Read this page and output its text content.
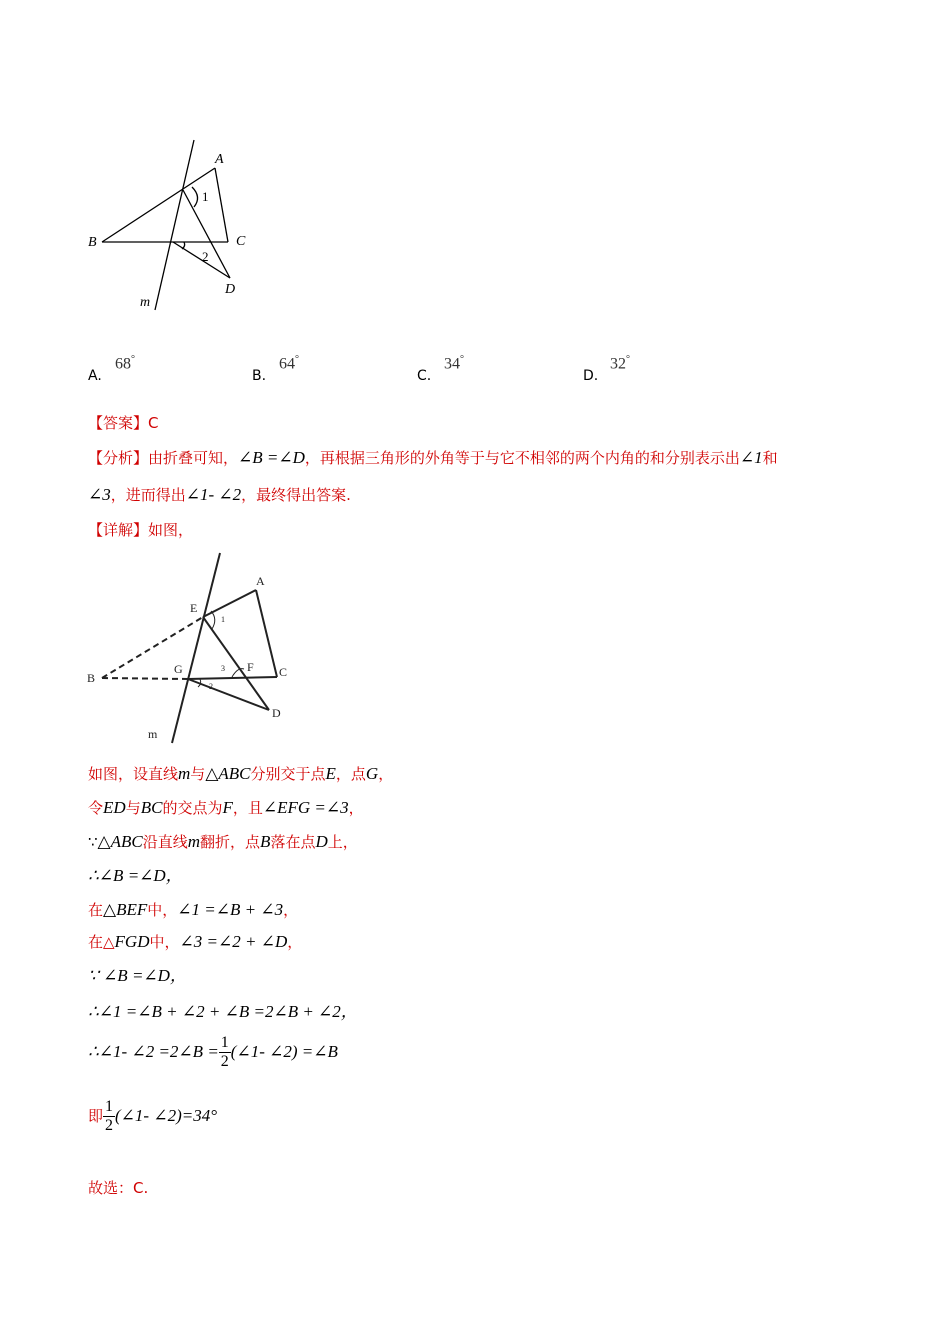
A
B	C
D
m
1
2
A.
68°
B.
64°
C.
34°
D.
32°
【答案】C
【分析】由折叠可知，∠B =∠D，再根据三角形的外角等于与它不相邻的两个内角的和分别表示出∠1和
∠3，进而得出∠1- ∠2，最终得出答案.
【详解】如图，
A
B	C
D
E
F
G
m
1
3
2
如图，设直线m与△ABC分别交于点E，点G，
令ED与BC的交点为F，且∠EFG =∠3，
∵△ABC沿直线m翻折，点B落在点D上，
∴∠B =∠D，
在△BEF中，∠1 =∠B + ∠3，
在△FGD中，∠3 =∠2 + ∠D，
∵ ∠B =∠D，
∴∠1 =∠B + ∠2 + ∠B =2∠B + ∠2，
∴∠1- ∠2 =2∠B = $\frac{1}{2}$ (∠1- ∠2) =∠B
即 $\frac{1}{2}$ (∠1- ∠2)=34°
故选：C.
